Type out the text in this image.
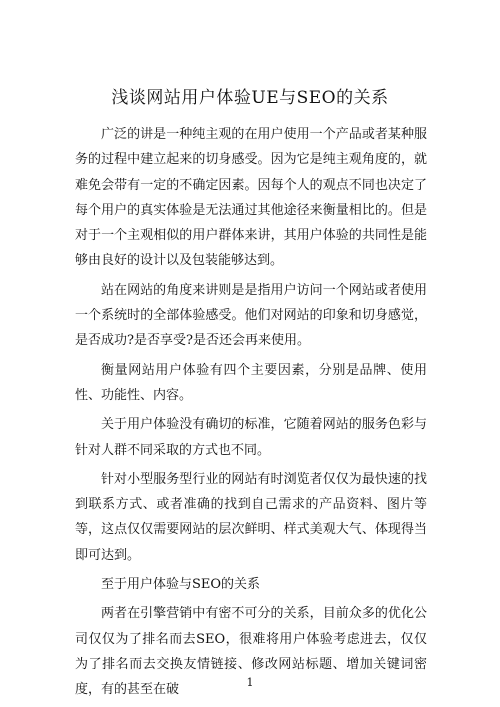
浅谈网站用户体验UE与SEO的关系

广泛的讲是一种纯主观的在用户使用一个产品或者某种服务的过程中建立起来的切身感受。因为它是纯主观角度的，就难免会带有一定的不确定因素。因每个人的观点不同也决定了每个用户的真实体验是无法通过其他途径来衡量相比的。但是对于一个主观相似的用户群体来讲，其用户体验的共同性是能够由良好的设计以及包装能够达到。

站在网站的角度来讲则是是指用户访问一个网站或者使用一个系统时的全部体验感受。他们对网站的印象和切身感觉，是否成功?是否享受?是否还会再来使用。

衡量网站用户体验有四个主要因素，分别是品牌、使用性、功能性、内容。

关于用户体验没有确切的标准，它随着网站的服务色彩与针对人群不同采取的方式也不同。

针对小型服务型行业的网站有时浏览者仅仅为最快速的找到联系方式、或者准确的找到自己需求的产品资料、图片等等，这点仅仅需要网站的层次鲜明、样式美观大气、体现得当即可达到。

至于用户体验与SEO的关系

两者在引擎营销中有密不可分的关系，目前众多的优化公司仅仅为了排名而去SEO，很难将用户体验考虑进去，仅仅为了排名而去交换友情链接、修改网站标题、增加关键词密度，有的甚至在破	1
